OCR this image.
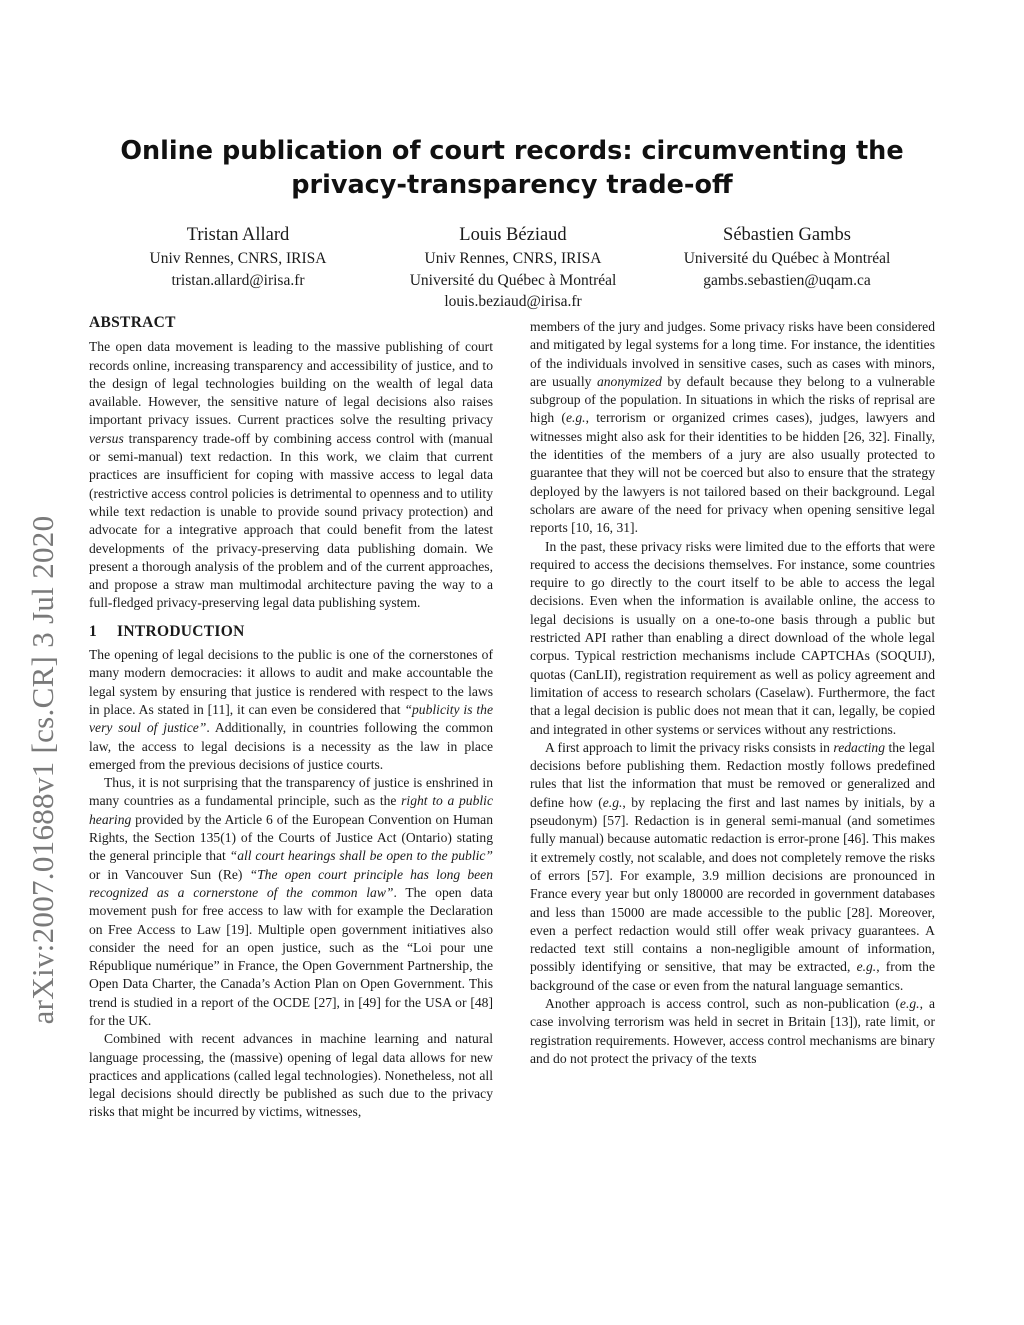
arXiv:2007.01688v1 [cs.CR] 3 Jul 2020
Online publication of court records: circumventing the
privacy-transparency trade-off
Tristan Allard
Univ Rennes, CNRS, IRISA
tristan.allard@irisa.fr
Louis Béziaud
Univ Rennes, CNRS, IRISA
Université du Québec à Montréal
louis.beziaud@irisa.fr
Sébastien Gambs
Université du Québec à Montréal
gambs.sebastien@uqam.ca
ABSTRACT

The open data movement is leading to the massive publishing of court records online, increasing transparency and accessibility of justice, and to the design of legal technologies building on the wealth of legal data available. However, the sensitive nature of legal decisions also raises important privacy issues. Current practices solve the resulting privacy versus transparency trade-off by combining access control with (manual or semi-manual) text redaction. In this work, we claim that current practices are insufficient for coping with massive access to legal data (restrictive access control policies is detrimental to openness and to utility while text redaction is unable to provide sound privacy protection) and advocate for a integrative approach that could benefit from the latest developments of the privacy-preserving data publishing domain. We present a thorough analysis of the problem and of the current approaches, and propose a straw man multimodal architecture paving the way to a full-fledged privacy-preserving legal data publishing system.

1 INTRODUCTION

The opening of legal decisions to the public is one of the cornerstones of many modern democracies: it allows to audit and make accountable the legal system by ensuring that justice is rendered with respect to the laws in place. As stated in [11], it can even be considered that “publicity is the very soul of justice”. Additionally, in countries following the common law, the access to legal decisions is a necessity as the law in place emerged from the previous decisions of justice courts.

Thus, it is not surprising that the transparency of justice is enshrined in many countries as a fundamental principle, such as the right to a public hearing provided by the Article 6 of the European Convention on Human Rights, the Section 135(1) of the Courts of Justice Act (Ontario) stating the general principle that “all court hearings shall be open to the public” or in Vancouver Sun (Re) “The open court principle has long been recognized as a cornerstone of the common law”. The open data movement push for free access to law with for example the Declaration on Free Access to Law [19]. Multiple open government initiatives also consider the need for an open justice, such as the “Loi pour une République numérique” in France, the Open Government Partnership, the Open Data Charter, the Canada’s Action Plan on Open Government. This trend is studied in a report of the OCDE [27], in [49] for the USA or [48] for the UK.

Combined with recent advances in machine learning and natural language processing, the (massive) opening of legal data allows for new practices and applications (called legal technologies). Nonetheless, not all legal decisions should directly be published as such due to the privacy risks that might be incurred by victims, witnesses,

members of the jury and judges. Some privacy risks have been considered and mitigated by legal systems for a long time. For instance, the identities of the individuals involved in sensitive cases, such as cases with minors, are usually anonymized by default because they belong to a vulnerable subgroup of the population. In situations in which the risks of reprisal are high (e.g., terrorism or organized crimes cases), judges, lawyers and witnesses might also ask for their identities to be hidden [26, 32]. Finally, the identities of the members of a jury are also usually protected to guarantee that they will not be coerced but also to ensure that the strategy deployed by the lawyers is not tailored based on their background. Legal scholars are aware of the need for privacy when opening sensitive legal reports [10, 16, 31].

In the past, these privacy risks were limited due to the efforts that were required to access the decisions themselves. For instance, some countries require to go directly to the court itself to be able to access the legal decisions. Even when the information is available online, the access to legal decisions is usually on a one-to-one basis through a public but restricted API rather than enabling a direct download of the whole legal corpus. Typical restriction mechanisms include CAPTCHAs (SOQUIJ), quotas (CanLII), registration requirement as well as policy agreement and limitation of access to research scholars (Caselaw). Furthermore, the fact that a legal decision is public does not mean that it can, legally, be copied and integrated in other systems or services without any restrictions.

A first approach to limit the privacy risks consists in redacting the legal decisions before publishing them. Redaction mostly follows predefined rules that list the information that must be removed or generalized and define how (e.g., by replacing the first and last names by initials, by a pseudonym) [57]. Redaction is in general semi-manual (and sometimes fully manual) because automatic redaction is error-prone [46]. This makes it extremely costly, not scalable, and does not completely remove the risks of errors [57]. For example, 3.9 million decisions are pronounced in France every year but only 180000 are recorded in government databases and less than 15000 are made accessible to the public [28]. Moreover, even a perfect redaction would still offer weak privacy guarantees. A redacted text still contains a non-negligible amount of information, possibly identifying or sensitive, that may be extracted, e.g., from the background of the case or even from the natural language semantics.

Another approach is access control, such as non-publication (e.g., a case involving terrorism was held in secret in Britain [13]), rate limit, or registration requirements. However, access control mechanisms are binary and do not protect the privacy of the texts
